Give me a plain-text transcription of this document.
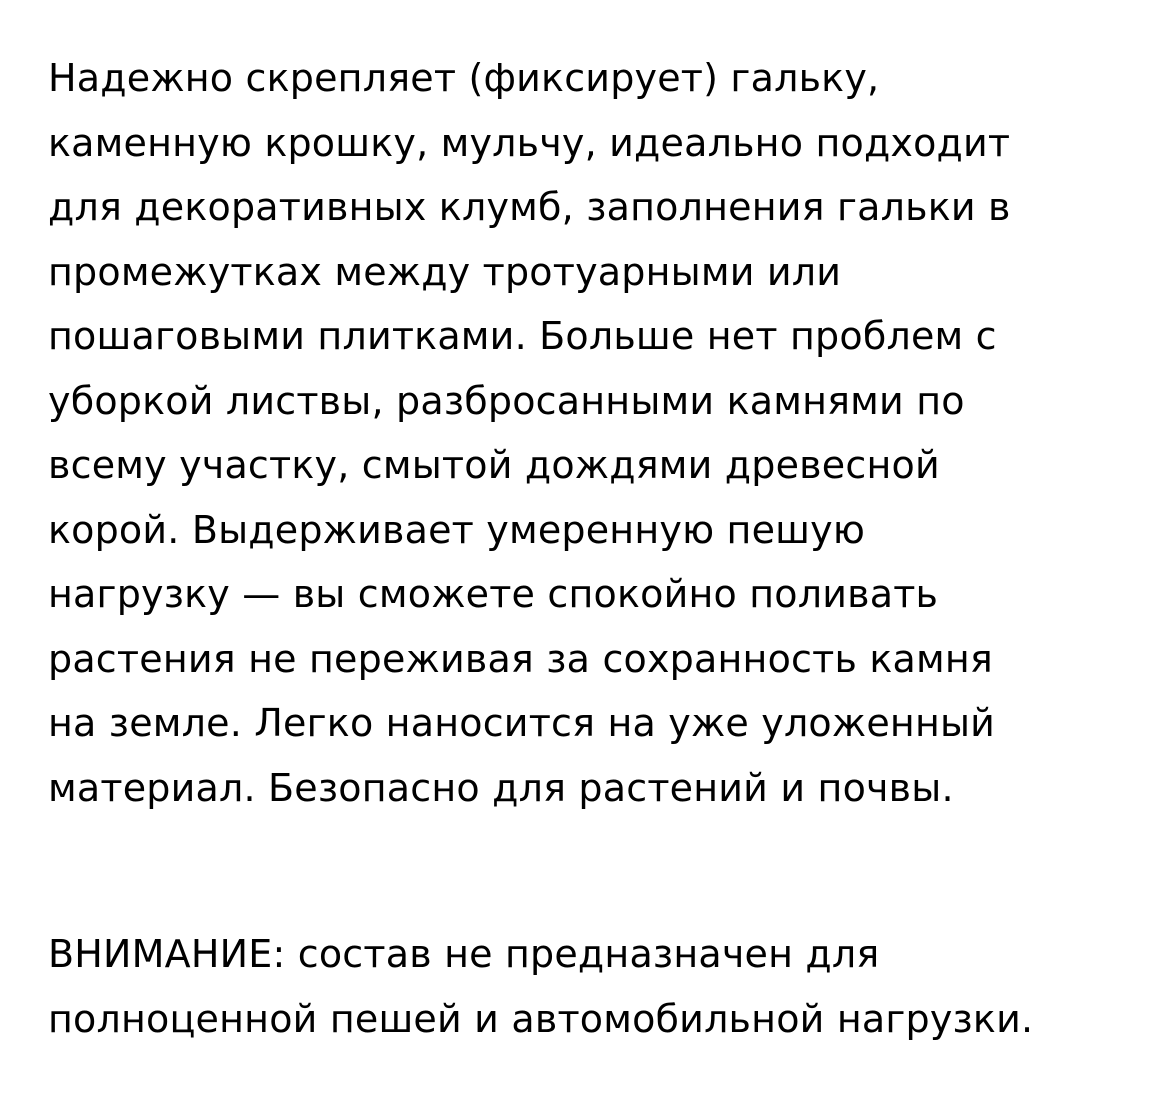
Надежно скрепляет (фиксирует) гальку,
каменную крошку, мульчу, идеально подходит
для декоративных клумб, заполнения гальки в
промежутках между тротуарными или
пошаговыми плитками. Больше нет проблем с
уборкой листвы, разбросанными камнями по
всему участку, смытой дождями древесной
корой. Выдерживает умеренную пешую
нагрузку — вы сможете спокойно поливать
растения не переживая за сохранность камня
на земле. Легко наносится на уже уложенный
материал. Безопасно для растений и почвы.

ВНИМАНИЕ: состав не предназначен для
полноценной пешей и автомобильной нагрузки.
